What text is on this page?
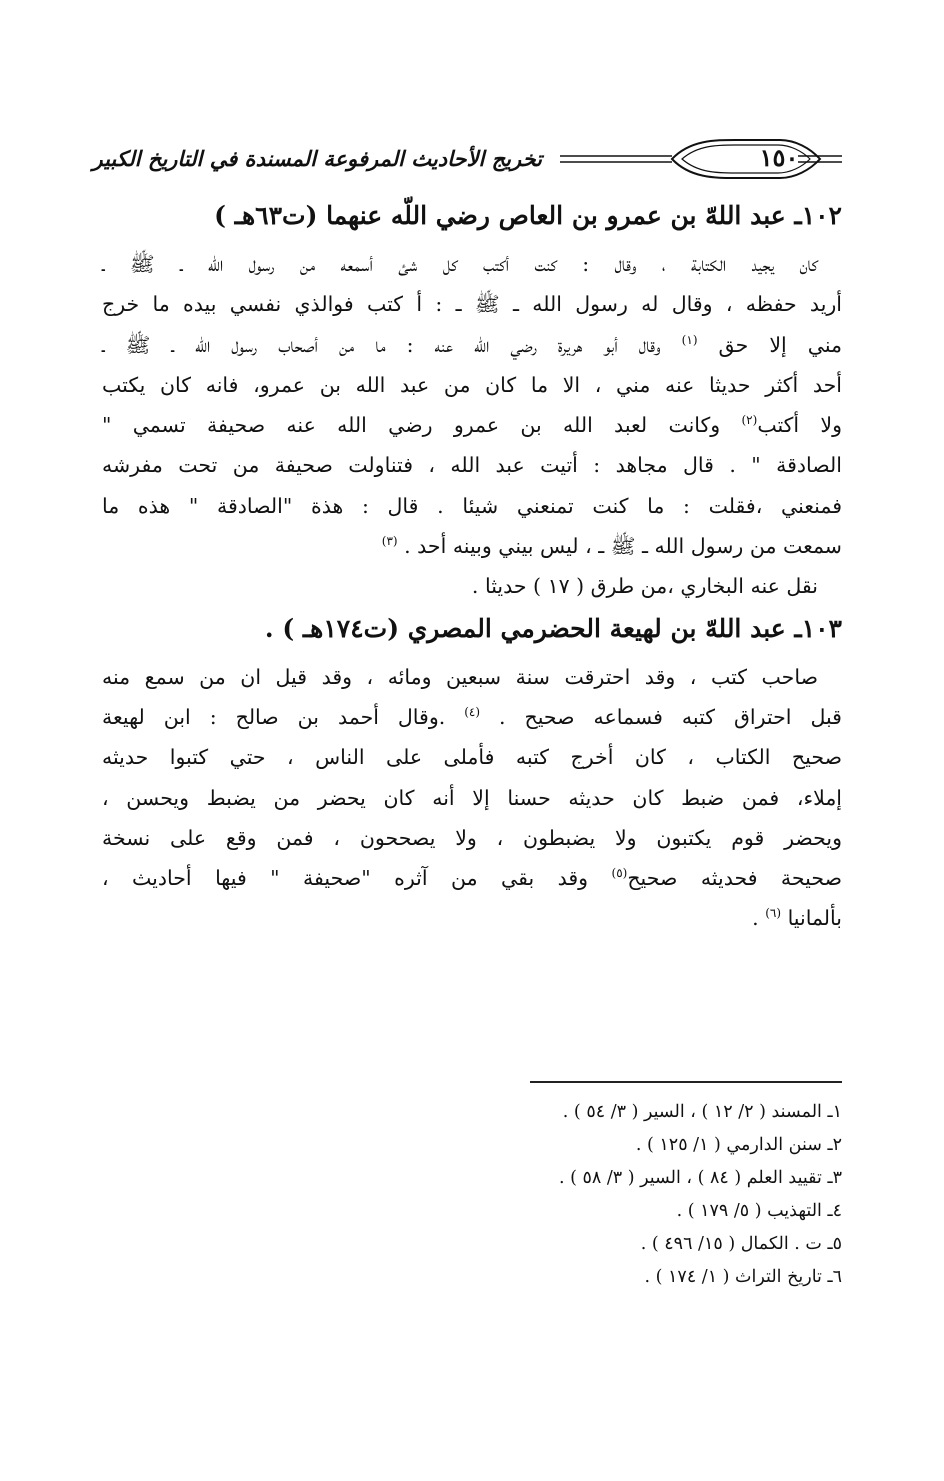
تخريج الأحاديث المرفوعة المسندة في التاريخ الكبير	١٥٠
١٠٢ـ عبد اللهّ بن عمرو بن العاص رضي اللّه عنهما (ت٦٣هـ )

كان يجيد الكتابة ، وقال : كنت أكتب كل شئ أسمعه من رسول الله ـ ﷺ ـ
أريد حفظه ، وقال له رسول الله ـ ﷺ ـ : أ كتب فوالذي نفسي بيده ما خرج
مني إلا حق $^{(١)}$ وقال أبو هريرة رضي الله عنه : ما من أصحاب رسول الله ـ ﷺ ـ
أحد أكثر حديثا عنه مني ، الا ما كان من عبد الله بن عمرو، فانه كان يكتب
ولا أكتب$^{(٢)}$ وكانت لعبد الله بن عمرو رضي الله عنه صحيفة تسمي "
الصادقة " . قال مجاهد : أتيت عبد الله ، فتناولت صحيفة من تحت مفرشه
فمنعني ،فقلت : ما كنت تمنعني شيئا . قال : هذة "الصادقة " هذه ما
سمعت من رسول الله ـ ﷺ ـ ، ليس بيني وبينه أحد . $^{(٣)}$
نقل عنه البخاري ،من طرق ( ١٧ ) حديثا .

١٠٣ـ عبد اللهّ بن لهيعة الحضرمي المصري (ت١٧٤هـ ) .

صاحب كتب ، وقد احترقت سنة سبعين ومائه ، وقد قيل ان من سمع منه
قبل احتراق كتبه فسماعه صحيح . $^{(٤)}$ .وقال أحمد بن صالح : ابن لهيعة
صحيح الكتاب ، كان أخرج كتبه فأملى على الناس ، حتي كتبوا حديثه
إملاء، فمن ضبط كان حديثه حسنا إلا أنه كان يحضر من يضبط ويحسن ،
ويحضر قوم يكتبون ولا يضبطون ، ولا يصححون ، فمن وقع على نسخة
صحيحة فحديثه صحيح$^{(٥)}$ وقد بقي من آثره "صحيفة " فيها أحاديث ،
بألمانيا $^{(٦)}$ .

١ـ المسند ( ٢/ ١٢ ) ، السير ( ٣/ ٥٤ ) .
٢ـ سنن الدارمي ( ١/ ١٢٥ ) .
٣ـ تقييد العلم ( ٨٤ ) ، السير ( ٣/ ٥٨ ) .
٤ـ التهذيب ( ٥/ ١٧٩ ) .
٥ـ ت . الكمال ( ١٥/ ٤٩٦ ) .
٦ـ تاريخ التراث ( ١/ ١٧٤ ) .
